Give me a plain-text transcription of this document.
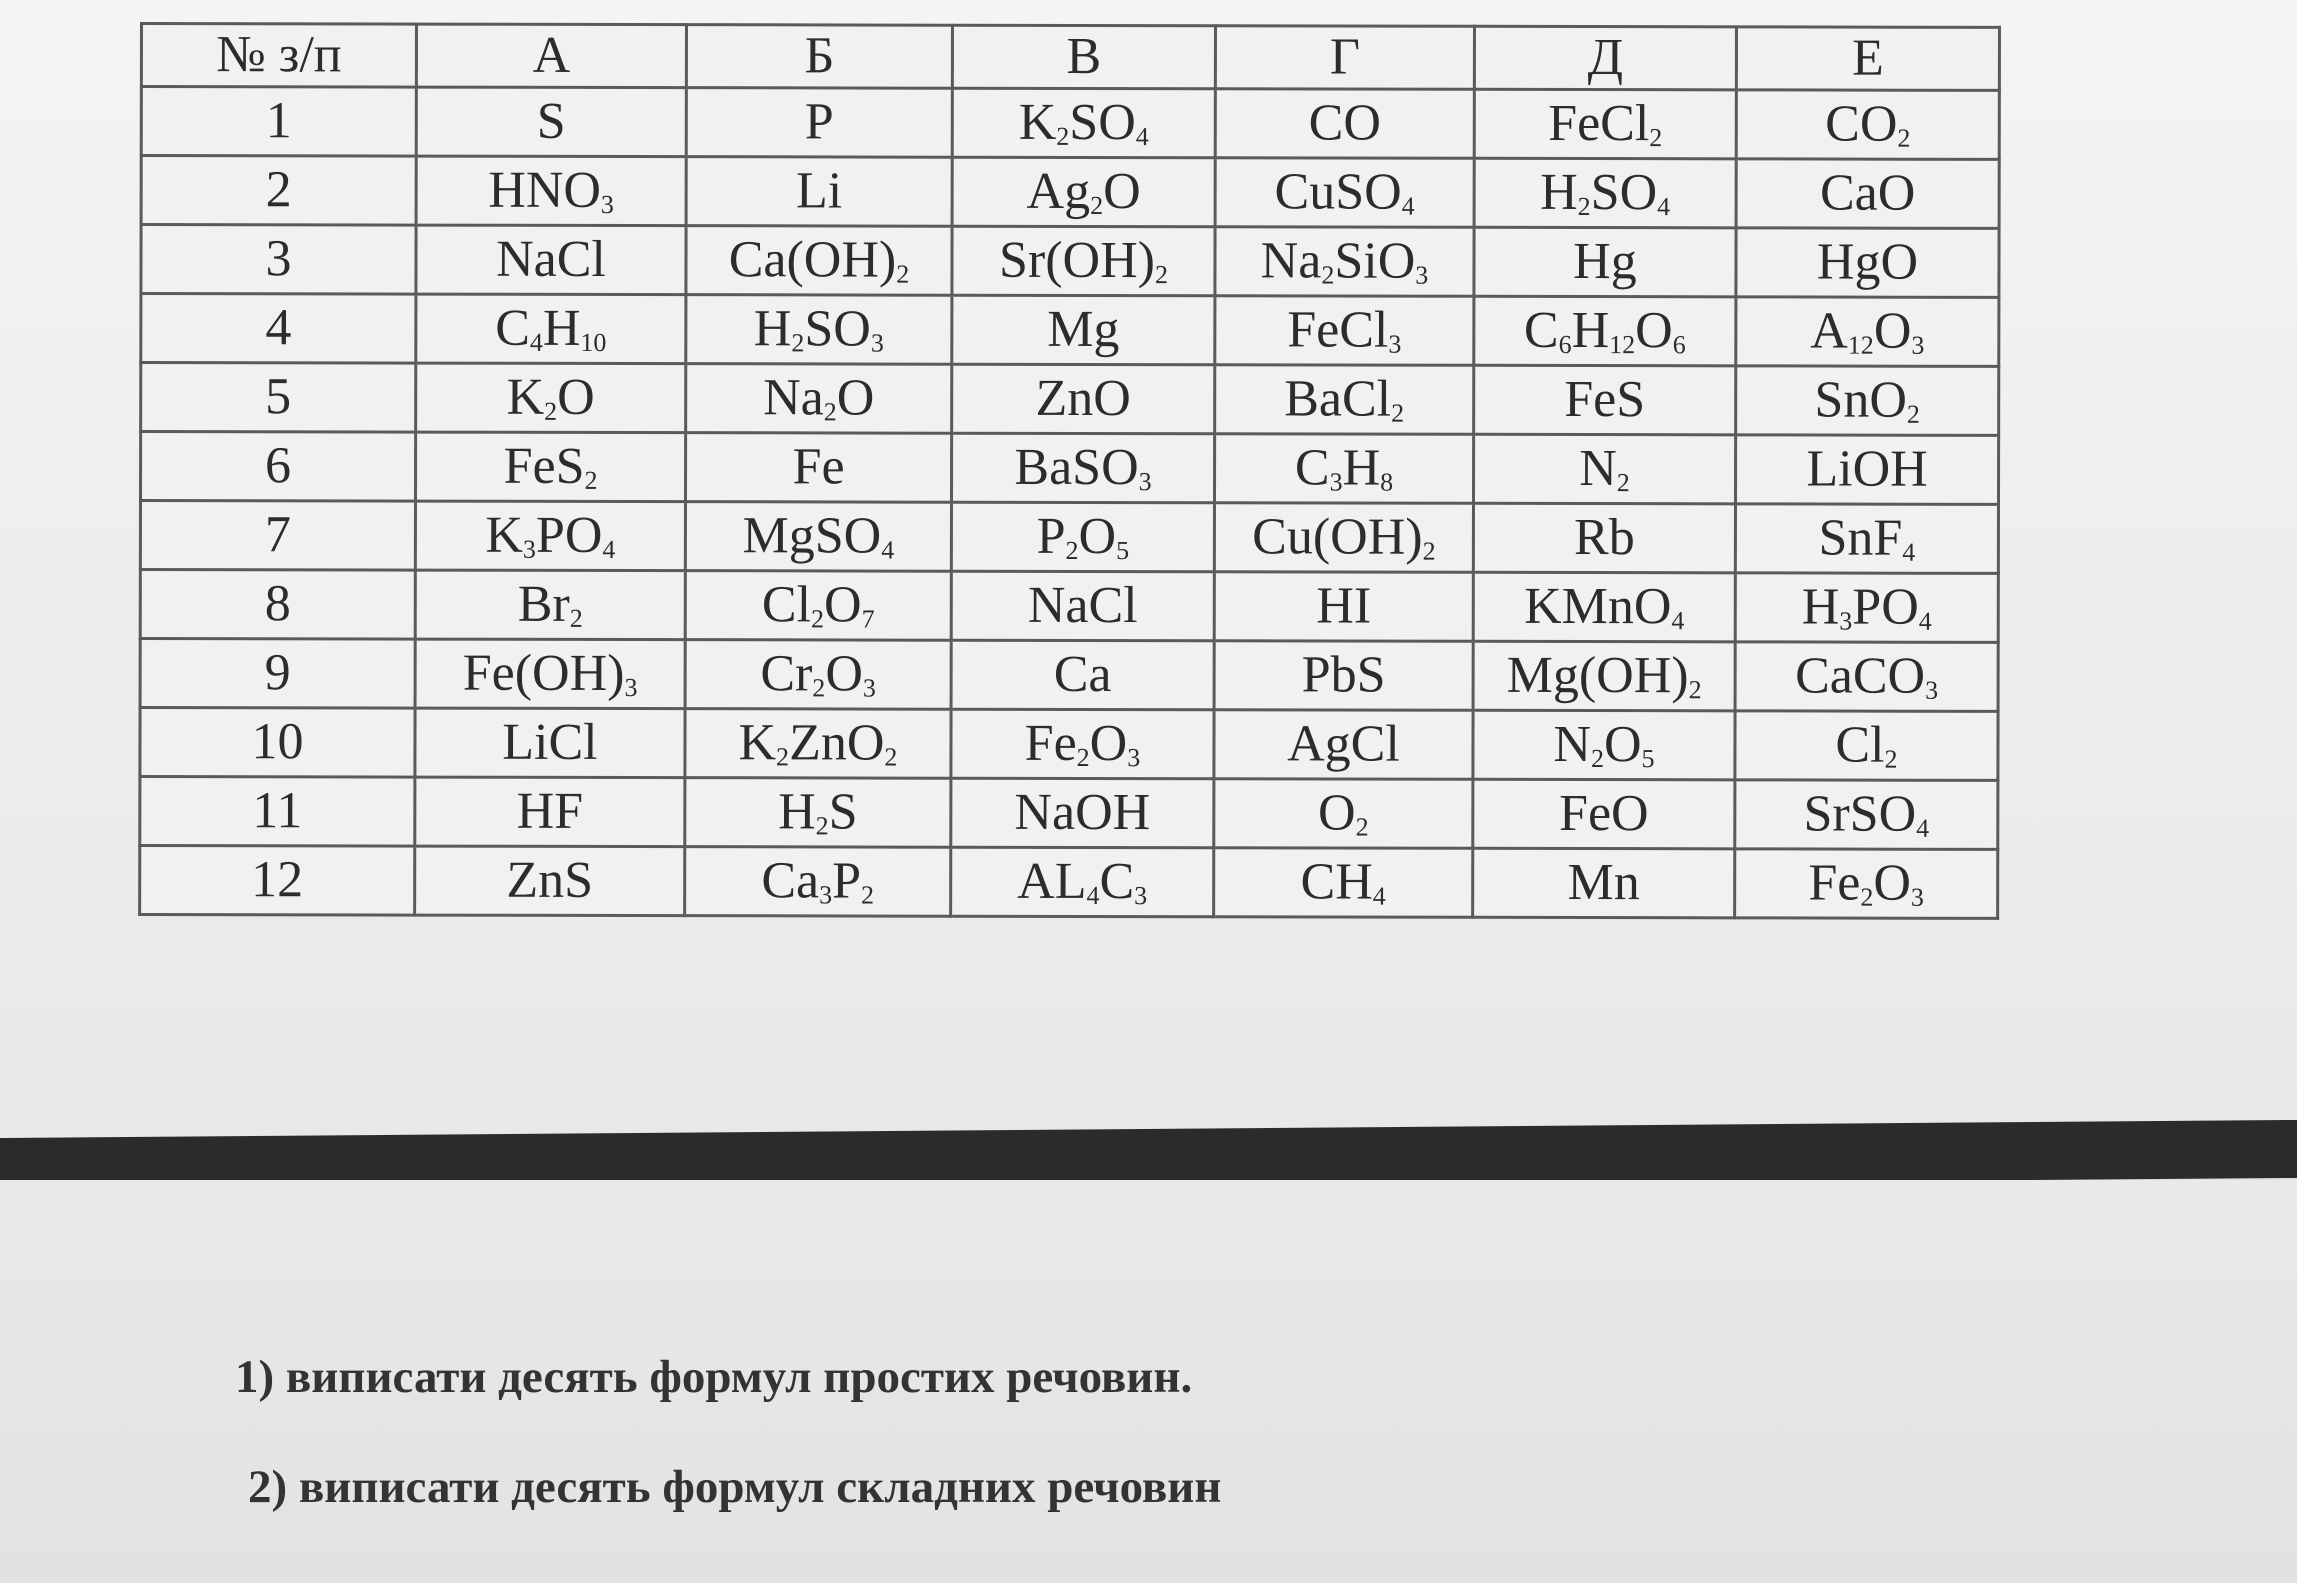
№ з/п	А	Б	В	Г	Д	Е
1	S	P	$K_2SO_4$	CO	FeCl$_2$	$CO_2$
2	$HNO_3$	Li	$Ag_2O$	CuSO$_4$	$H_2SO_4$	CaO
3	NaCl	$Ca(OH)_2$	$Sr(OH)_2$	$Na_2SiO_3$	Hg	HgO
4	$C_4H_{10}$	$H_2SO_3$	Mg	FeCl$_3$	$C_6H_{12}O_6$	$A_{12}O_3$
5	$K_2O$	$Na_2O$	ZnO	BaCl$_2$	FeS	SnO$_2$
6	FeS$_2$	Fe	BaSO$_3$	$C_3H_8$	$N_2$	LiOH
7	$K_3PO_4$	MgSO$_4$	$P_2O_5$	$Cu(OH)_2$	Rb	SnF$_4$
8	$Br_2$	$Cl_2O_7$	NaCl	HI	KMnO$_4$	$H_3PO_4$
9	$Fe(OH)_3$	$Cr_2O_3$	Ca	PbS	$Mg(OH)_2$	CaCO$_3$
10	LiCl	$K_2ZnO_2$	$Fe_2O_3$	AgCl	$N_2O_5$	$Cl_2$
11	HF	$H_2S$	NaOH	$O_2$	FeO	SrSO$_4$
12	ZnS	$Ca_3P_2$	$AL_4C_3$	$CH_4$	Mn	$Fe_2O_3$
1) виписати десять формул простих речовин.
2) виписати десять формул складних речовин
